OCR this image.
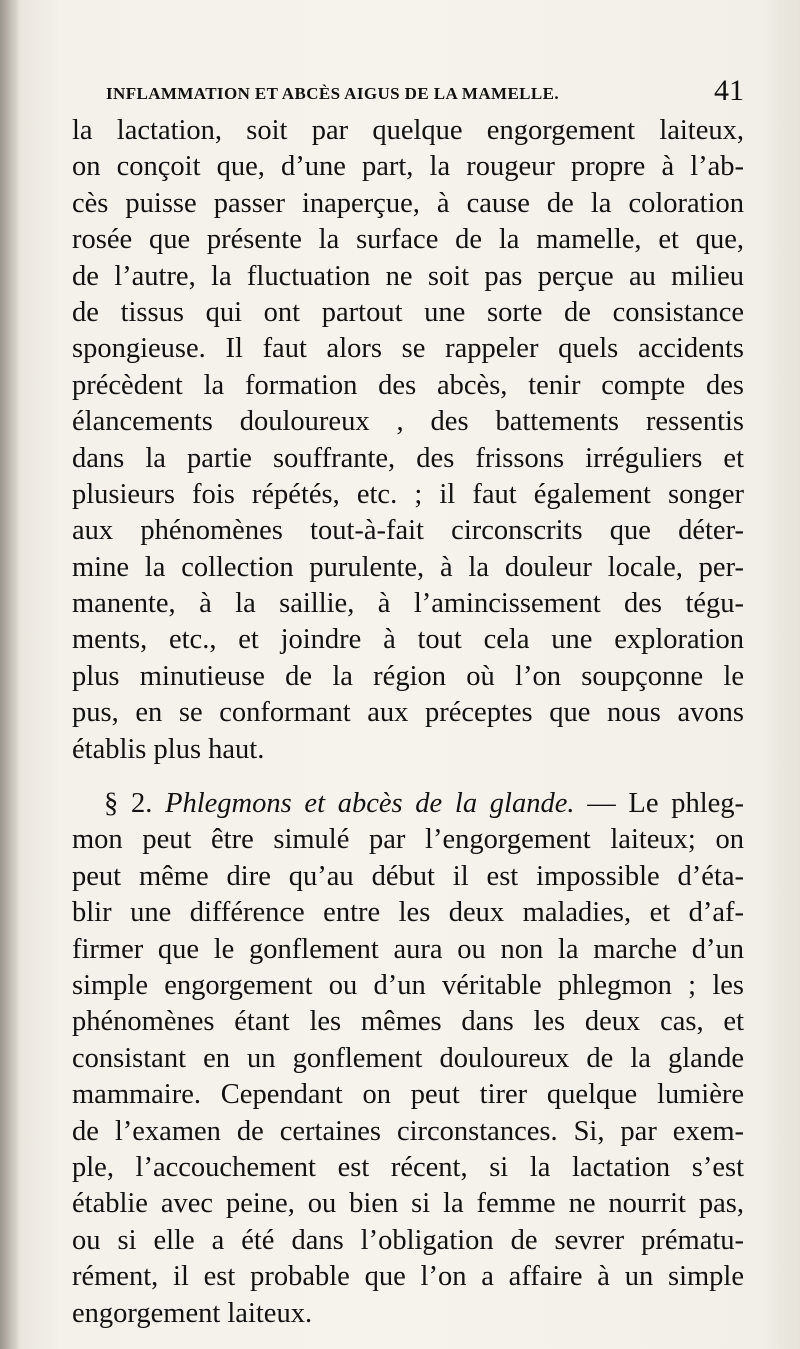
INFLAMMATION ET ABCÈS AIGUS DE LA MAMELLE.	41
la lactation, soit par quelque engorgement laiteux,
on conçoit que, d’une part, la rougeur propre à l’ab-
cès puisse passer inaperçue, à cause de la coloration
rosée que présente la surface de la mamelle, et que,
de l’autre, la fluctuation ne soit pas perçue au milieu
de tissus qui ont partout une sorte de consistance
spongieuse. Il faut alors se rappeler quels accidents
précèdent la formation des abcès, tenir compte des
élancements douloureux , des battements ressentis
dans la partie souffrante, des frissons irréguliers et
plusieurs fois répétés, etc. ; il faut également songer
aux phénomènes tout-à-fait circonscrits que déter-
mine la collection purulente, à la douleur locale, per-
manente, à la saillie, à l’amincissement des tégu-
ments, etc., et joindre à tout cela une exploration
plus minutieuse de la région où l’on soupçonne le
pus, en se conformant aux préceptes que nous avons
établis plus haut.
§ 2. Phlegmons et abcès de la glande. — Le phleg-
mon peut être simulé par l’engorgement laiteux; on
peut même dire qu’au début il est impossible d’éta-
blir une différence entre les deux maladies, et d’af-
firmer que le gonflement aura ou non la marche d’un
simple engorgement ou d’un véritable phlegmon ; les
phénomènes étant les mêmes dans les deux cas, et
consistant en un gonflement douloureux de la glande
mammaire. Cependant on peut tirer quelque lumière
de l’examen de certaines circonstances. Si, par exem-
ple, l’accouchement est récent, si la lactation s’est
établie avec peine, ou bien si la femme ne nourrit pas,
ou si elle a été dans l’obligation de sevrer prématu-
rément, il est probable que l’on a affaire à un simple
engorgement laiteux.
